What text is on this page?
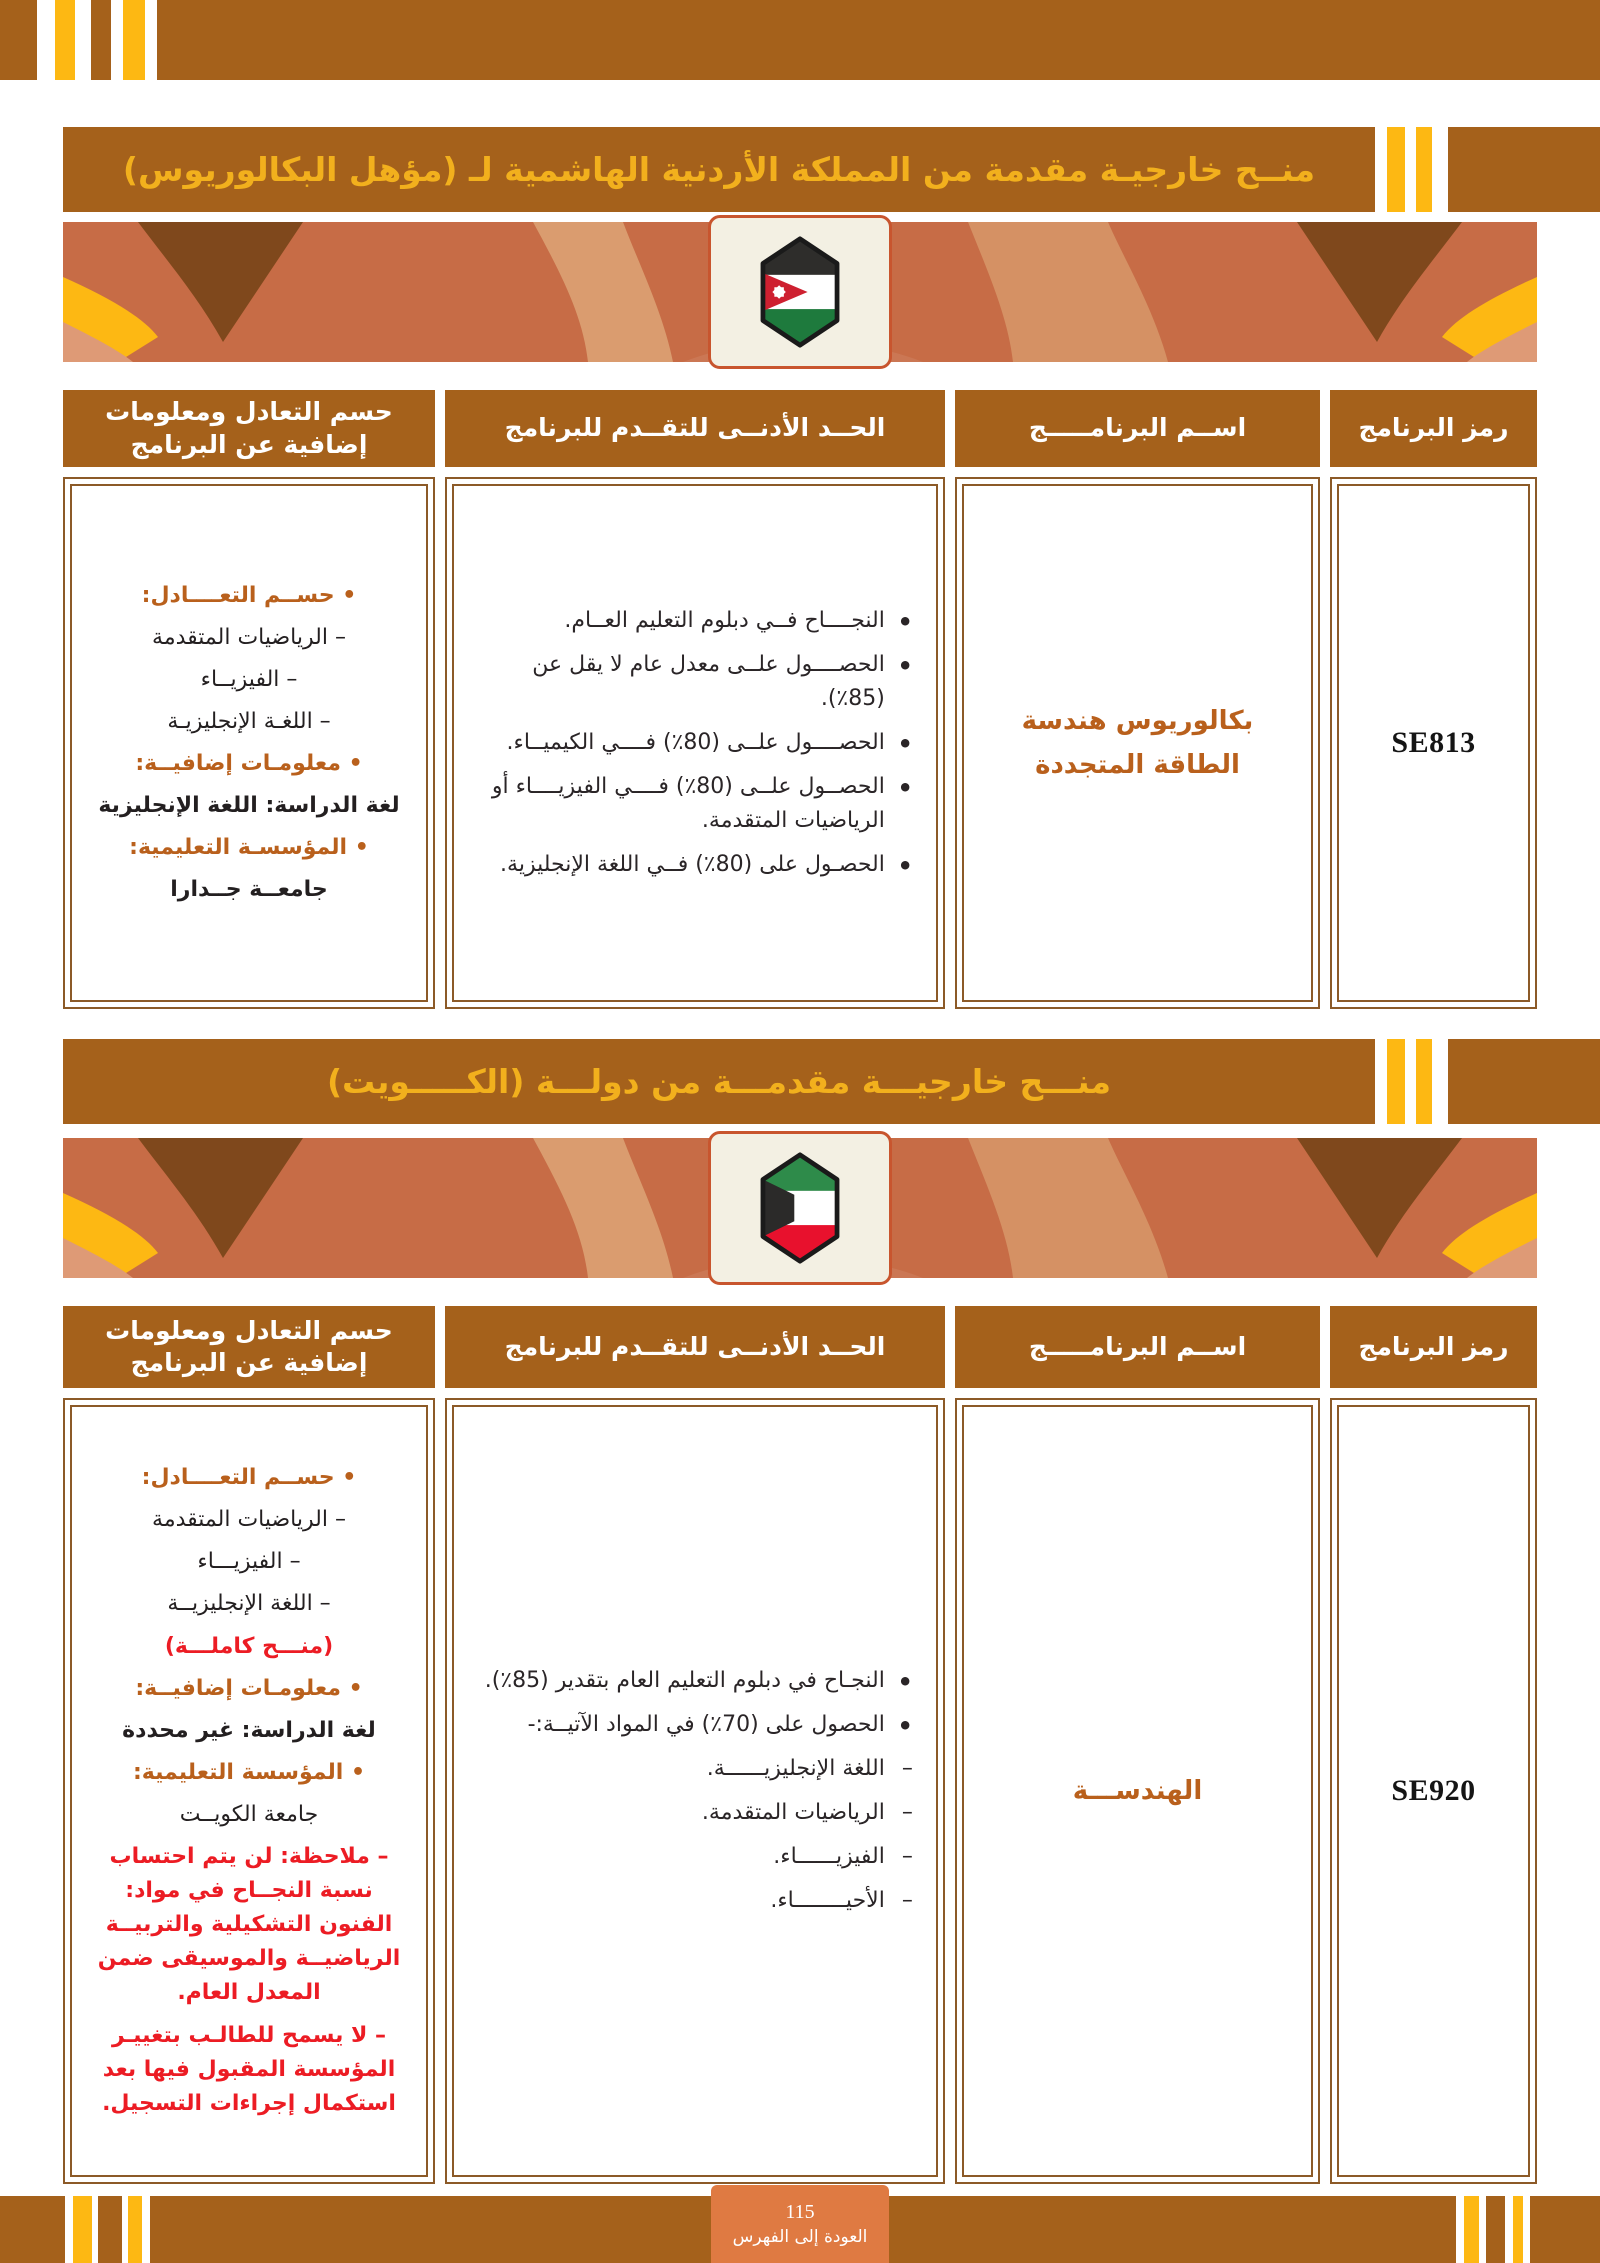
منــح خارجيـة مقدمة من المملكة الأردنية الهاشمية لـ (مؤهل البكالوريوس)
رمز البرنامج
اســم البرنامـــــج
الحــد الأدنــى للتقــدم للبرنامج
حسم التعادل ومعلومات إضافية عن البرنامج
SE813
بكالوريوس هندسة الطاقة المتجددة
• النجــــاح فــي دبلوم التعليم العــام.
• الحصــــول علــى معدل عام لا يقل عن (85٪).
• الحصــــول علــى (80٪) فــــي الكيميــاء.
• الحصــول علــى (80٪) فــــي الفيزيــــاء أو الرياضيات المتقدمة.
• الحصـول على (80٪) فــي اللغة الإنجليزية.
• حســم التعــــادل:
– الرياضيات المتقدمة
– الفيزيــاء
– اللغـة الإنجليزيـة
• معلومـات إضافيــة:
لغة الدراسة: اللغة الإنجليزية
• المؤسسـة التعليمية:
جامعــة جــدارا
منـــح خارجيـــة مقدمـــة من دولـــة (الكـــــويت)
رمز البرنامج
اســم البرنامـــــج
الحــد الأدنــى للتقــدم للبرنامج
حسم التعادل ومعلومات إضافية عن البرنامج
SE920
الهندســـة
• النجـاح في دبلوم التعليم العام بتقدير (85٪).
• الحصول على (70٪) في المواد الآتيــة:-
– اللغة الإنجليزيــــــة.
– الرياضيات المتقدمة.
– الفيزيــــــاء.
– الأحيــــــــاء.
• حســم التعــــادل:
– الرياضيات المتقدمة
– الفيزيـــاء
– اللغة الإنجليزيــة
(منـــح كاملـــة)
• معلومـات إضافيــة:
لغة الدراسة: غير محددة
• المؤسسة التعليمية:
جامعة الكويــت
– ملاحظة: لن يتم احتساب نسبة النجــاح في مواد: الفنون التشكيلية والتربيــة الرياضيــة والموسيقى ضمن المعدل العام.
– لا يسمح للطالـب بتغييـر المؤسسة المقبول فيها بعد استكمال إجراءات التسجيل.
115
العودة إلى الفهرس
